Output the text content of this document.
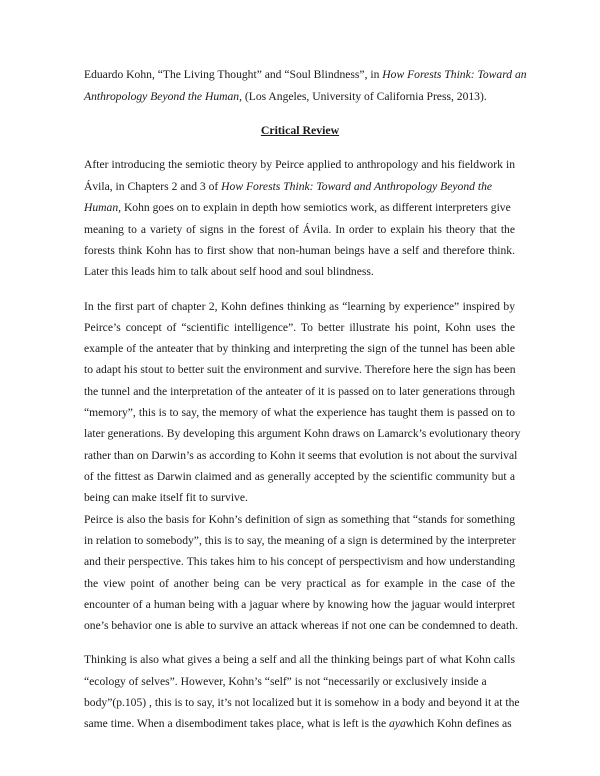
Eduardo Kohn, “The Living Thought” and “Soul Blindness”, in How Forests Think: Toward an
Anthropology Beyond the Human, (Los Angeles, University of California Press, 2013).
Critical Review
After introducing the semiotic theory by Peirce applied to anthropology and his fieldwork in
Ávila, in Chapters 2 and 3 of How Forests Think: Toward and Anthropology Beyond the
Human, Kohn goes on to explain in depth how semiotics work, as different interpreters give
meaning to a variety of signs in the forest of Ávila. In order to explain his theory that the
forests think Kohn has to first show that non-human beings have a self and therefore think.
Later this leads him to talk about self hood and soul blindness.
In the first part of chapter 2, Kohn defines thinking as “learning by experience” inspired by
Peirce’s concept of “scientific intelligence”. To better illustrate his point, Kohn uses the
example of the anteater that by thinking and interpreting the sign of the tunnel has been able
to adapt his stout to better suit the environment and survive. Therefore here the sign has been
the tunnel and the interpretation of the anteater of it is passed on to later generations through
“memory”, this is to say, the memory of what the experience has taught them is passed on to
later generations. By developing this argument Kohn draws on Lamarck’s evolutionary theory
rather than on Darwin’s as according to Kohn it seems that evolution is not about the survival
of the fittest as Darwin claimed and as generally accepted by the scientific community but a
being can make itself fit to survive.
Peirce is also the basis for Kohn’s definition of sign as something that “stands for something
in relation to somebody”, this is to say, the meaning of a sign is determined by the interpreter
and their perspective. This takes him to his concept of perspectivism and how understanding
the view point of another being can be very practical as for example in the case of the
encounter of a human being with a jaguar where by knowing how the jaguar would interpret
one’s behavior one is able to survive an attack whereas if not one can be condemned to death.
Thinking is also what gives a being a self and all the thinking beings part of what Kohn calls
“ecology of selves”. However, Kohn’s “self” is not “necessarily or exclusively inside a
body”(p.105) , this is to say, it’s not localized but it is somehow in a body and beyond it at the
same time. When a disembodiment takes place, what is left is the ayawhich Kohn defines as
